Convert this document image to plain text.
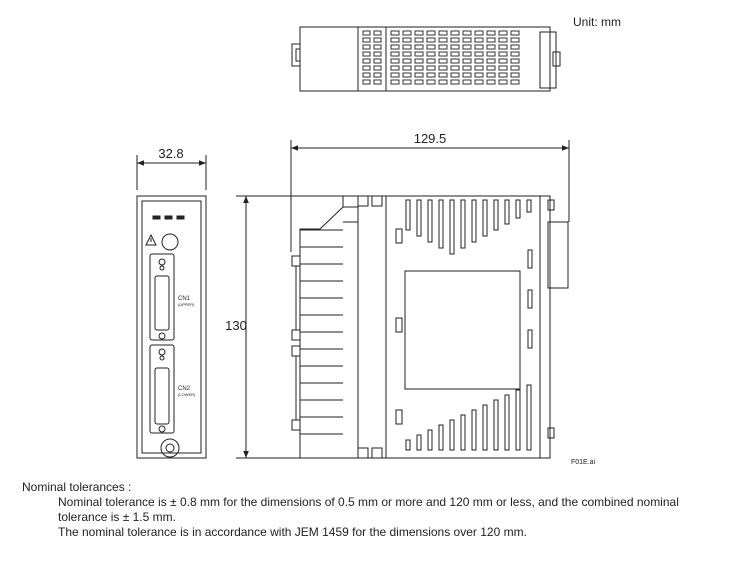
Unit: mm
32.8
CN1
(UPPER)
CN2
(LOWER)
129.5
130
F01E.ai

Nominal tolerances :

Nominal tolerance is ± 0.8 mm for the dimensions of 0.5 mm or more and 120 mm or less, and the combined nominal

tolerance is ± 1.5 mm.

The nominal tolerance is in accordance with JEM 1459 for the dimensions over 120 mm.
